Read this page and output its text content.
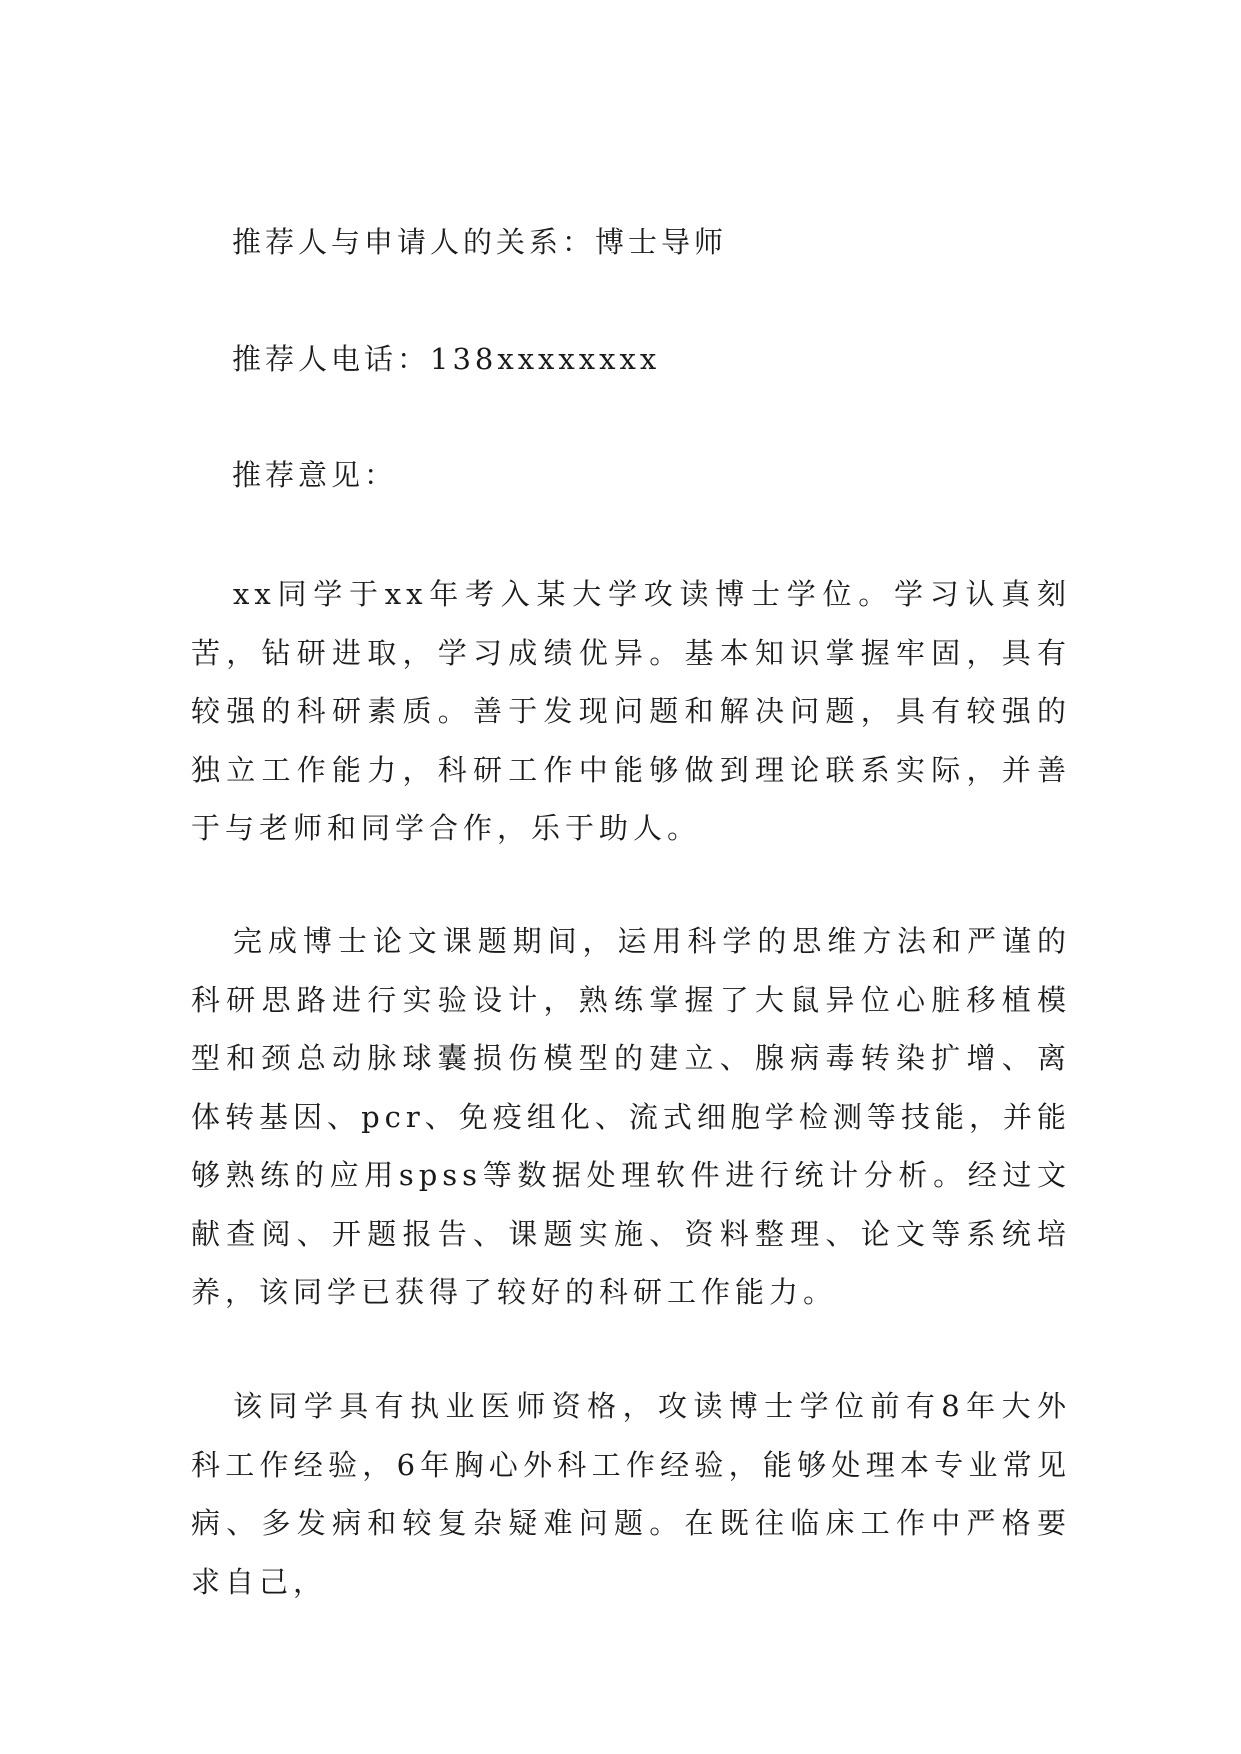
推荐人与申请人的关系：博士导师
推荐人电话：138xxxxxxxx
推荐意见：

xx同学于xx年考入某大学攻读博士学位。学习认真刻苦，钻研进取，学习成绩优异。基本知识掌握牢固，具有较强的科研素质。善于发现问题和解决问题，具有较强的独立工作能力，科研工作中能够做到理论联系实际，并善于与老师和同学合作，乐于助人。

完成博士论文课题期间，运用科学的思维方法和严谨的科研思路进行实验设计，熟练掌握了大鼠异位心脏移植模型和颈总动脉球囊损伤模型的建立、腺病毒转染扩增、离体转基因、pcr、免疫组化、流式细胞学检测等技能，并能够熟练的应用spss等数据处理软件进行统计分析。经过文献查阅、开题报告、课题实施、资料整理、论文等系统培养，该同学已获得了较好的科研工作能力。

该同学具有执业医师资格，攻读博士学位前有8年大外科工作经验，6年胸心外科工作经验，能够处理本专业常见病、多发病和较复杂疑难问题。在既往临床工作中严格要求自己，
